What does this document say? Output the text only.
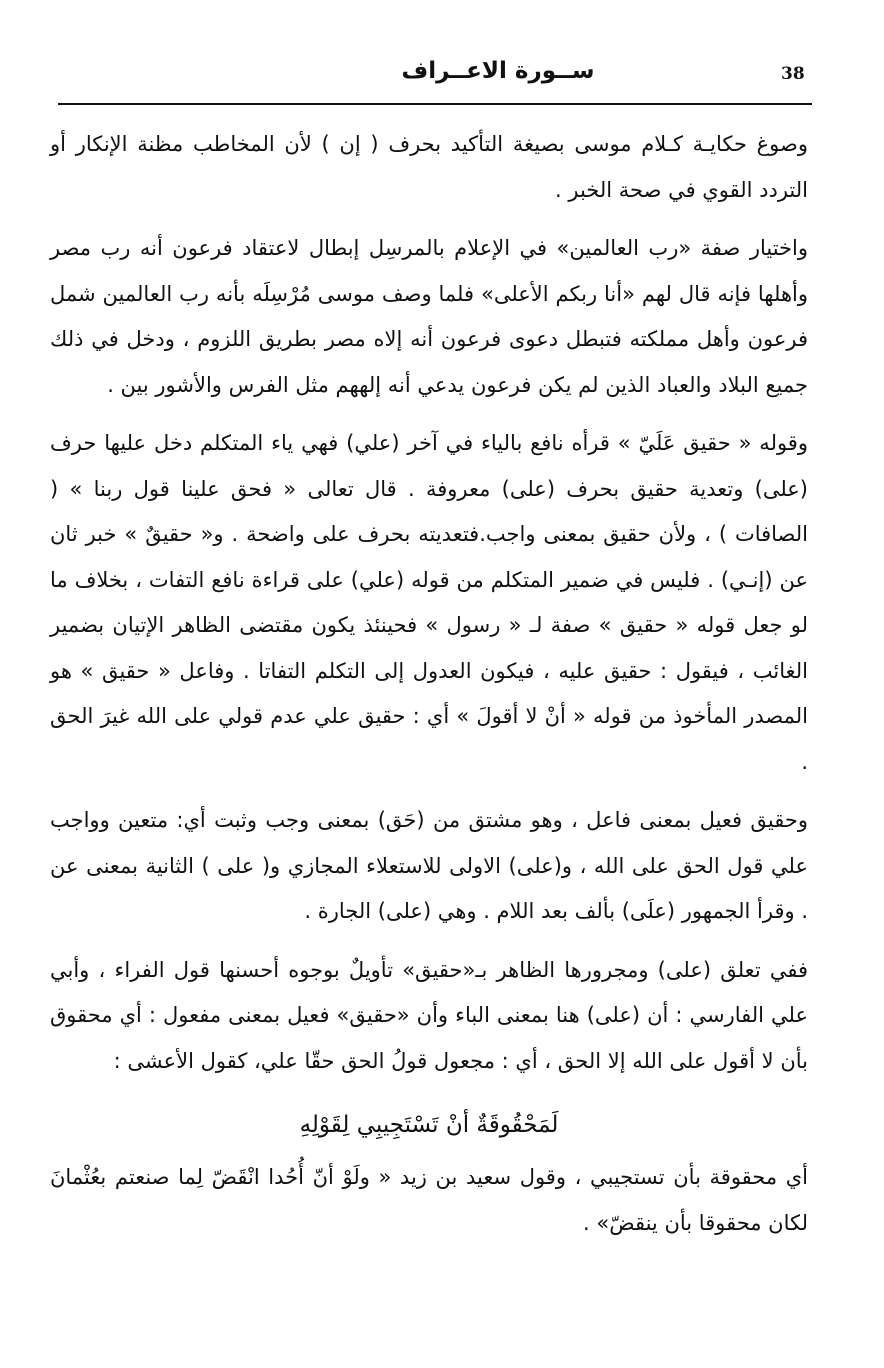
38
ســورة الاعــراف

وصوغ حكايـة كـلام موسى بصيغة التأكيد بحرف ( إن ) لأن المخاطب مظنة الإنكار أو التردد القوي في صحة الخبر .

واختيار صفة «رب العالمين» في الإعلام بالمرسِل إبطال لاعتقاد فرعون أنه رب مصر وأهلها فإنه قال لهم «أنا ربكم الأعلى» فلما وصف موسى مُرْسِلَه بأنه رب العالمين شمل فرعون وأهل مملكته فتبطل دعوى فرعون أنه إلاه مصر بطريق اللزوم ، ودخل في ذلك جميع البلاد والعباد الذين لم يكن فرعون يدعي أنه إلههم مثل الفرس والأشور بين .

وقوله « حقيق عَلَيّ » قرأه نافع بالياء في آخر (علي) فهي ياء المتكلم دخل عليها حرف (على) وتعدية حقيق بحرف (على) معروفة . قال تعالى « فحق علينا قول ربنا » ( الصافات ) ، ولأن حقيق بمعنى واجب.فتعديته بحرف على واضحة . و« حقيقٌ » خبر ثان عن (إنـي) . فليس في ضمير المتكلم من قوله (علي) على قراءة نافع التفات ، بخلاف ما لو جعل قوله « حقيق » صفة لـ « رسول » فحينئذ يكون مقتضى الظاهر الإتيان بضمير الغائب ، فيقول : حقيق عليه ، فيكون العدول إلى التكلم التفاتا . وفاعل « حقيق » هو المصدر المأخوذ من قوله « أنْ لا أقولَ » أي : حقيق علي عدم قولي على الله غيرَ الحق .

وحقيق فعيل بمعنى فاعل ، وهو مشتق من (حَق) بمعنى وجب وثبت أي: متعين وواجب علي قول الحق على الله ، و(على) الاولى للاستعلاء المجازي و( على ) الثانية بمعنى عن . وقرأ الجمهور (علَى) بألف بعد اللام . وهي (على) الجارة .

ففي تعلق (على) ومجرورها الظاهر بـ«حقيق» تأويلٌ بوجوه أحسنها قول الفراء ، وأبي علي الفارسي : أن (على) هنا بمعنى الباء وأن «حقيق» فعيل بمعنى مفعول : أي محقوق بأن لا أقول على الله إلا الحق ، أي : مجعول قولُ الحق حقّا علي، كقول الأعشى :

لَمَحْقُوقَةٌ أنْ تَسْتَجِيبِي لِقَوْلِهِ

أي محقوقة بأن تستجيبي ، وقول سعيد بن زيد « ولَوْ أنّ أُحُدا انْقَضّ لِما صنعتم بعُثْمانَ لكان محقوقا بأن ينقضّ» .
